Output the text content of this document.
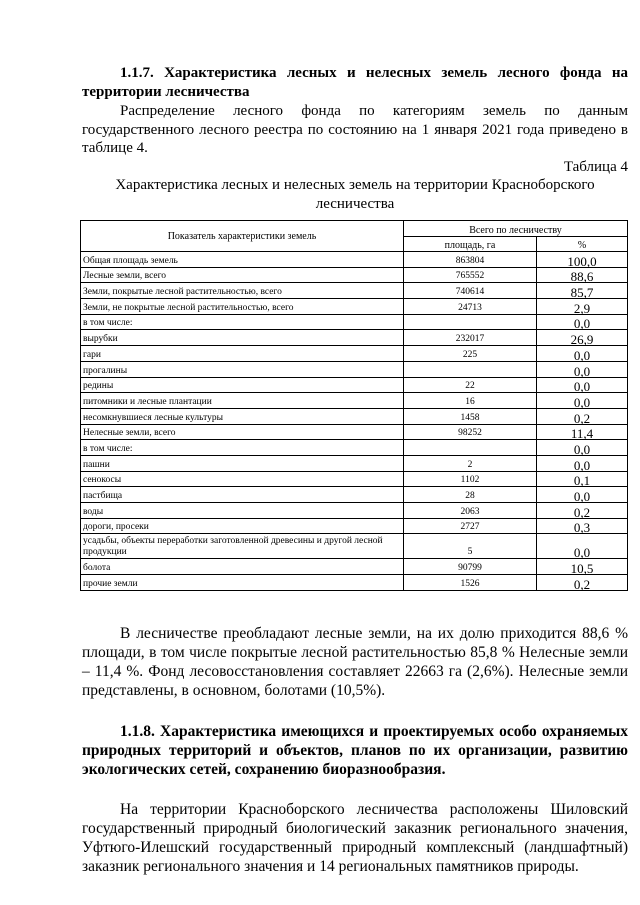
1.1.7. Характеристика лесных и нелесных земель лесного фонда на территории лесничества
Распределение лесного фонда по категориям земель по данным государственного лесного реестра по состоянию на 1 января 2021 года приведено в таблице 4.
Таблица 4
Характеристика лесных и нелесных земель на территории Красноборского лесничества
Показатель характеристики земель	Всего по лесничеству	
	площадь, га	%
Общая площадь земель	863804	100,0
Лесные земли, всего	765552	88,6
Земли, покрытые лесной растительностью, всего	740614	85,7
Земли, не покрытые лесной растительностью, всего	24713	2,9
в том числе:		0,0
вырубки	232017	26,9
гари	225	0,0
прогалины		0,0
редины	22	0,0
питомники и лесные плантации	16	0,0
несомкнувшиеся лесные культуры	1458	0,2
Нелесные земли, всего	98252	11,4
в том числе:		0,0
пашни	2	0,0
сенокосы	1102	0,1
пастбища	28	0,0
воды	2063	0,2
дороги, просеки	2727	0,3
усадьбы, объекты переработки заготовленной древесины и другой лесной продукции	5	0,0
болота	90799	10,5
прочие земли	1526	0,2
В лесничестве преобладают лесные земли, на их долю приходится 88,6 % площади, в том числе покрытые лесной растительностью 85,8 % Нелесные земли – 11,4 %. Фонд лесовосстановления составляет 22663 га (2,6%). Нелесные земли представлены, в основном, болотами (10,5%).
1.1.8. Характеристика имеющихся и проектируемых особо охраняемых природных территорий и объектов, планов по их организации, развитию экологических сетей, сохранению биоразнообразия.
На территории Красноборского лесничества расположены Шиловский государственный природный биологический заказник регионального значения, Уфтюго-Илешский государственный природный комплексный (ландшафтный) заказник регионального значения и 14 региональных памятников природы.
